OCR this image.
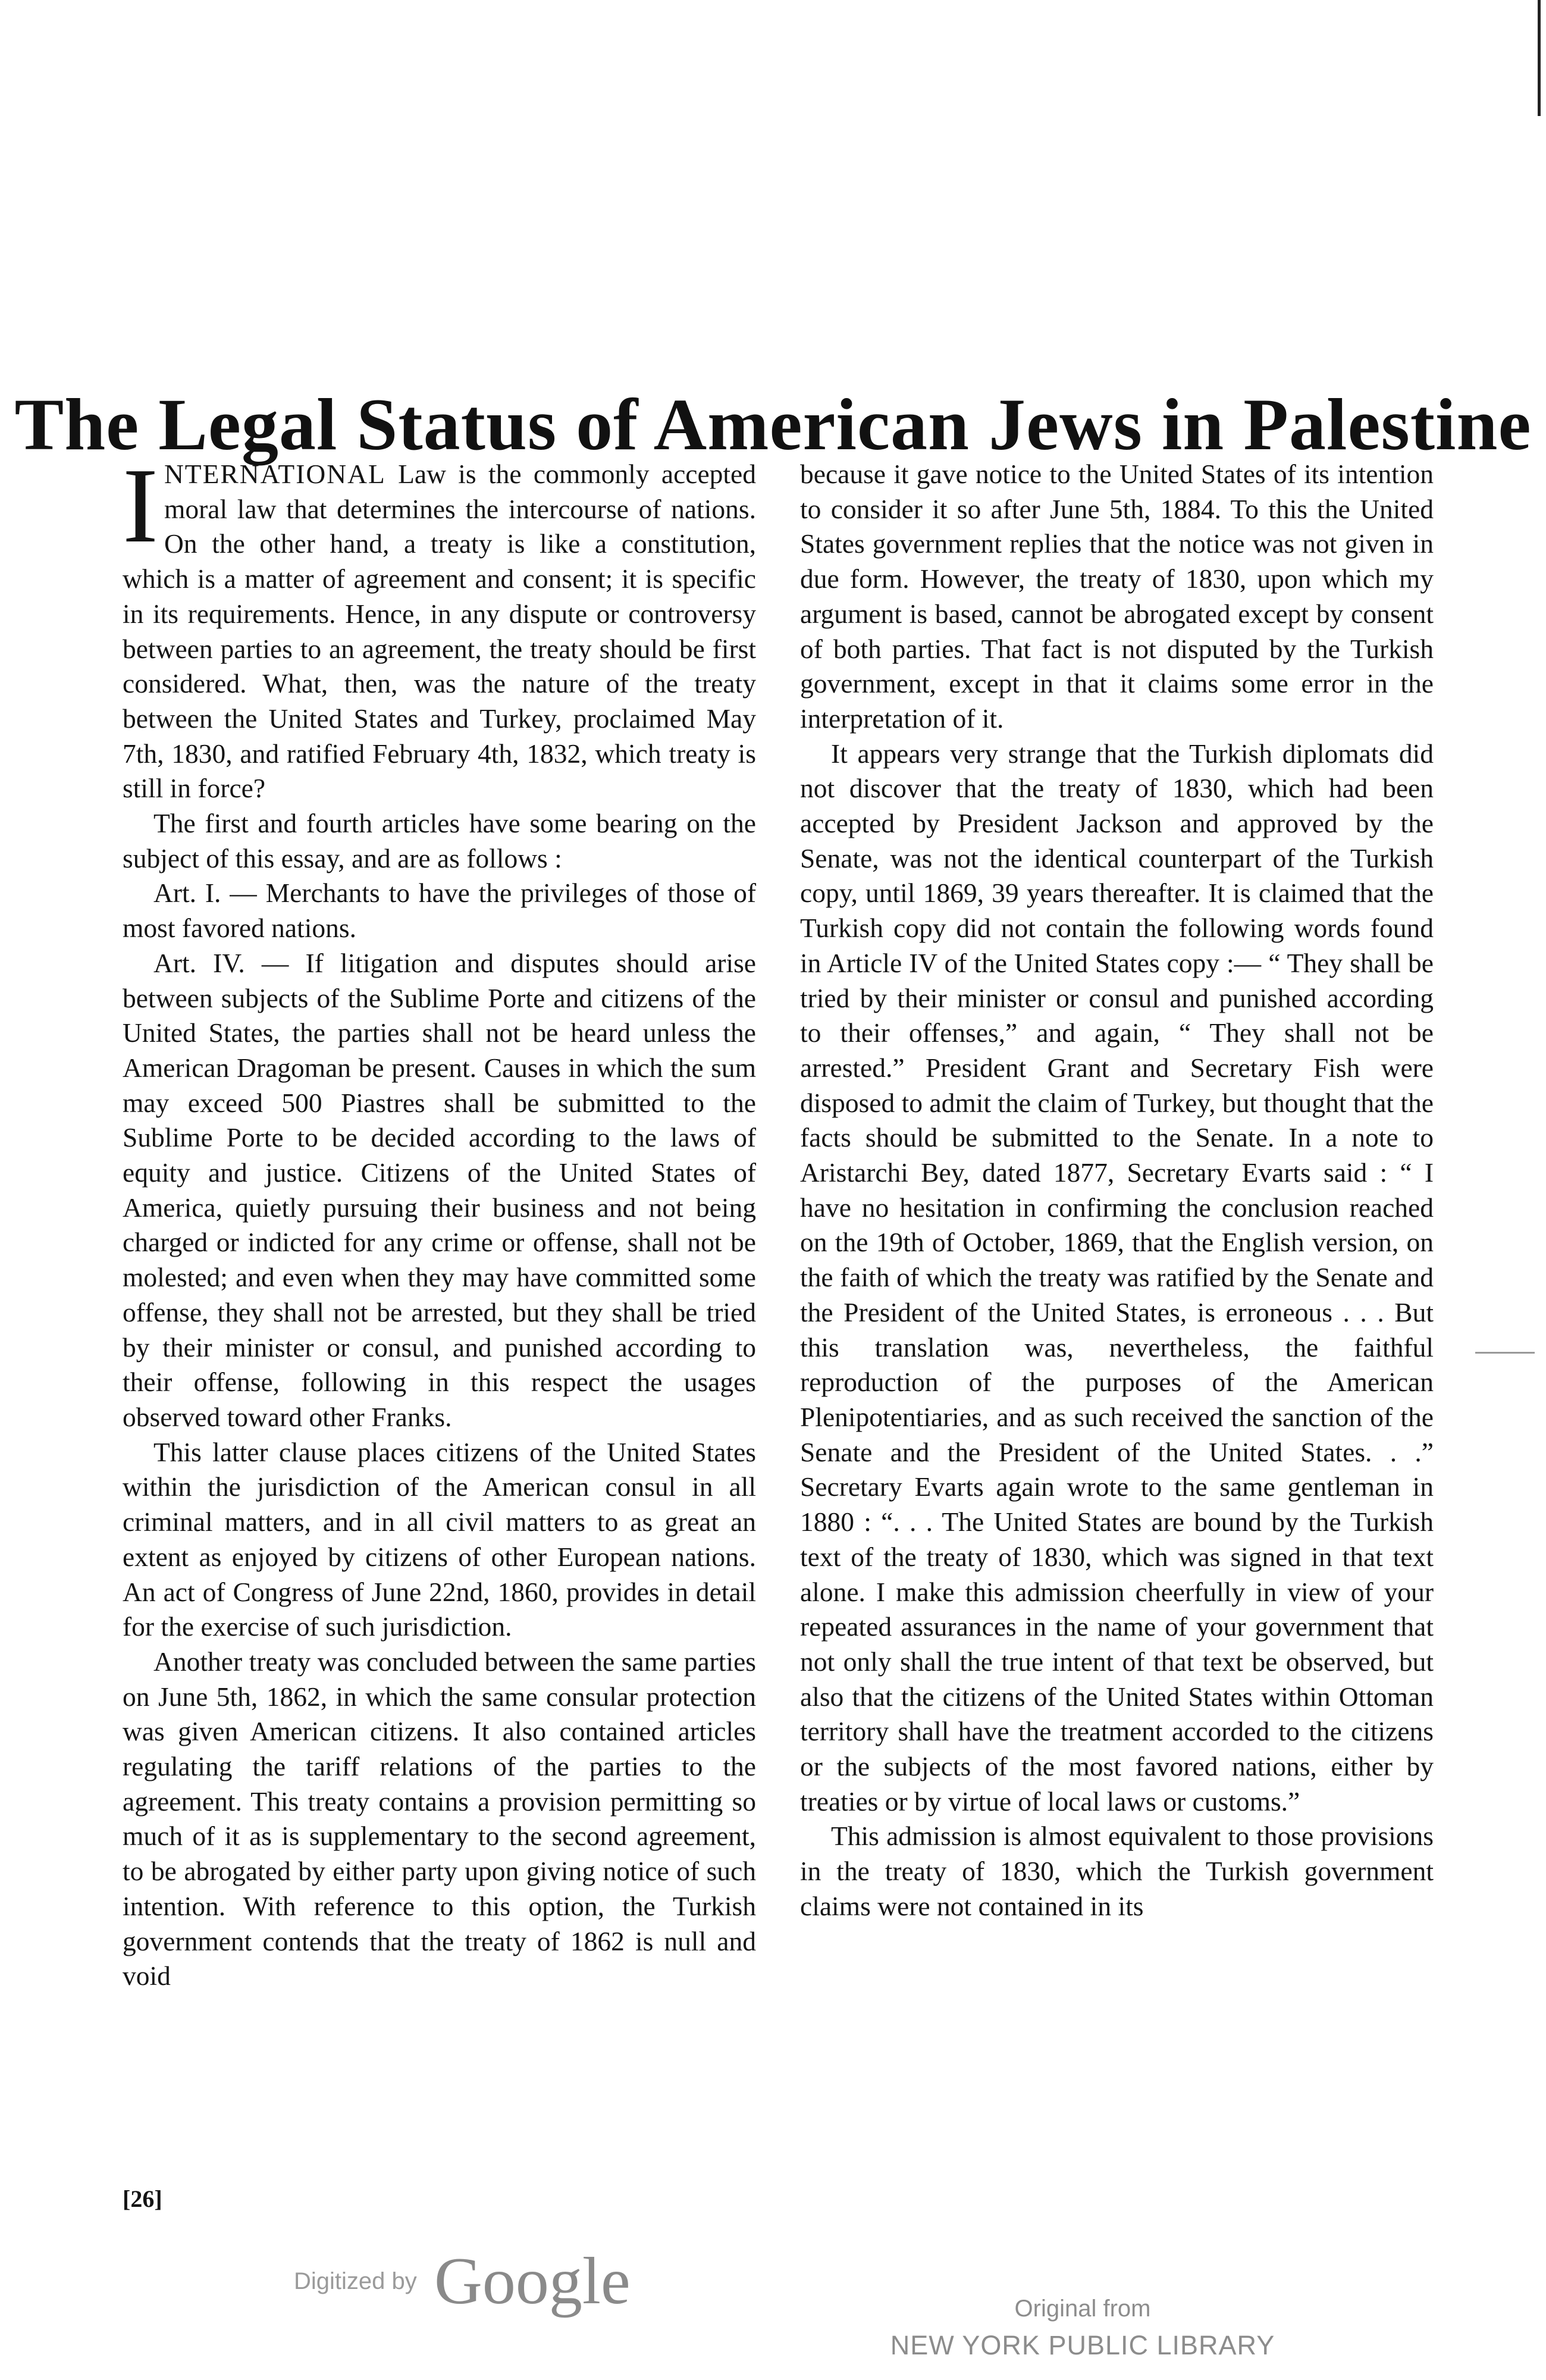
The Legal Status of American Jews in Palestine

INTERNATIONAL Law is the commonly accepted moral law that determines the intercourse of nations. On the other hand, a treaty is like a constitution, which is a matter of agreement and consent; it is specific in its requirements. Hence, in any dispute or controversy between parties to an agreement, the treaty should be first considered. What, then, was the nature of the treaty between the United States and Turkey, proclaimed May 7th, 1830, and ratified February 4th, 1832, which treaty is still in force?

The first and fourth articles have some bearing on the subject of this essay, and are as follows :

Art. I. — Merchants to have the privileges of those of most favored nations.

Art. IV. — If litigation and disputes should arise between subjects of the Sublime Porte and citizens of the United States, the parties shall not be heard unless the American Dragoman be present. Causes in which the sum may exceed 500 Piastres shall be submitted to the Sublime Porte to be decided according to the laws of equity and justice. Citizens of the United States of America, quietly pursuing their business and not being charged or indicted for any crime or offense, shall not be molested; and even when they may have committed some offense, they shall not be arrested, but they shall be tried by their minister or consul, and punished according to their offense, following in this respect the usages observed toward other Franks.

This latter clause places citizens of the United States within the jurisdiction of the American consul in all criminal matters, and in all civil matters to as great an extent as enjoyed by citizens of other European nations. An act of Congress of June 22nd, 1860, provides in detail for the exercise of such jurisdiction.

Another treaty was concluded between the same parties on June 5th, 1862, in which the same consular protection was given American citizens. It also contained articles regulating the tariff relations of the parties to the agreement. This treaty contains a provision permitting so much of it as is supplementary to the second agreement, to be abrogated by either party upon giving notice of such intention. With reference to this option, the Turkish government contends that the treaty of 1862 is null and void

because it gave notice to the United States of its intention to consider it so after June 5th, 1884. To this the United States government replies that the notice was not given in due form. However, the treaty of 1830, upon which my argument is based, cannot be abrogated except by consent of both parties. That fact is not disputed by the Turkish government, except in that it claims some error in the interpretation of it.

It appears very strange that the Turkish diplomats did not discover that the treaty of 1830, which had been accepted by President Jackson and approved by the Senate, was not the identical counterpart of the Turkish copy, until 1869, 39 years thereafter. It is claimed that the Turkish copy did not contain the following words found in Article IV of the United States copy :— “ They shall be tried by their minister or consul and punished according to their offenses,” and again, “ They shall not be arrested.” President Grant and Secretary Fish were disposed to admit the claim of Turkey, but thought that the facts should be submitted to the Senate. In a note to Aristarchi Bey, dated 1877, Secretary Evarts said : “ I have no hesitation in confirming the conclusion reached on the 19th of October, 1869, that the English version, on the faith of which the treaty was ratified by the Senate and the President of the United States, is erroneous . . . But this translation was, nevertheless, the faithful reproduction of the purposes of the American Plenipotentiaries, and as such received the sanction of the Senate and the President of the United States. . .” Secretary Evarts again wrote to the same gentleman in 1880 : “. . . The United States are bound by the Turkish text of the treaty of 1830, which was signed in that text alone. I make this admission cheerfully in view of your repeated assurances in the name of your government that not only shall the true intent of that text be observed, but also that the citizens of the United States within Ottoman territory shall have the treatment accorded to the citizens or the subjects of the most favored nations, either by treaties or by virtue of local laws or customs.”

This admission is almost equivalent to those provisions in the treaty of 1830, which the Turkish government claims were not contained in its

[26]
Digitized by Google	Original from
NEW YORK PUBLIC LIBRARY
